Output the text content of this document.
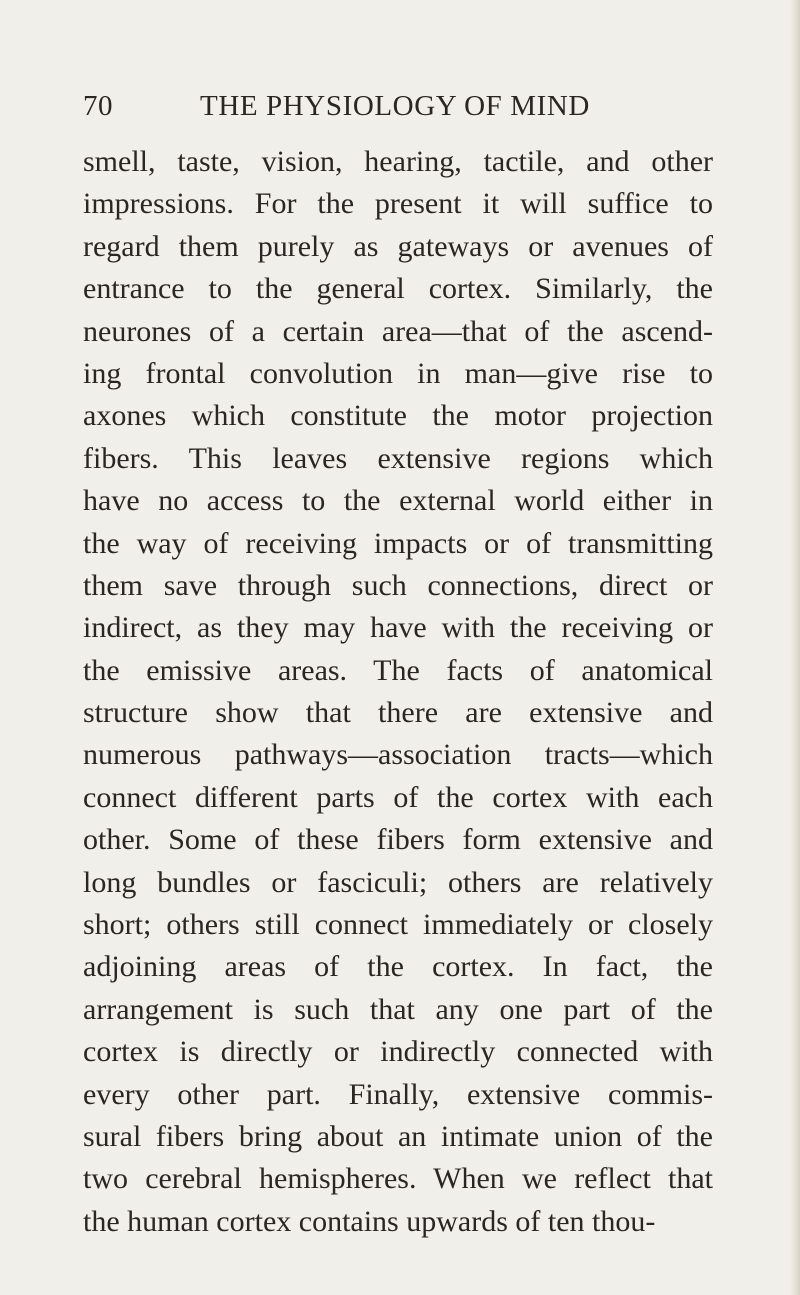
70	THE PHYSIOLOGY OF MIND
smell, taste, vision, hearing, tactile, and other
impressions. For the present it will suffice to
regard them purely as gateways or avenues of
entrance to the general cortex. Similarly, the
neurones of a certain area—that of the ascend-
ing frontal convolution in man—give rise to
axones which constitute the motor projection
fibers. This leaves extensive regions which
have no access to the external world either in
the way of receiving impacts or of transmitting
them save through such connections, direct or
indirect, as they may have with the receiving or
the emissive areas. The facts of anatomical
structure show that there are extensive and
numerous pathways—association tracts—which
connect different parts of the cortex with each
other. Some of these fibers form extensive and
long bundles or fasciculi; others are relatively
short; others still connect immediately or closely
adjoining areas of the cortex. In fact, the
arrangement is such that any one part of the
cortex is directly or indirectly connected with
every other part. Finally, extensive commis-
sural fibers bring about an intimate union of the
two cerebral hemispheres. When we reflect that
the human cortex contains upwards of ten thou-
